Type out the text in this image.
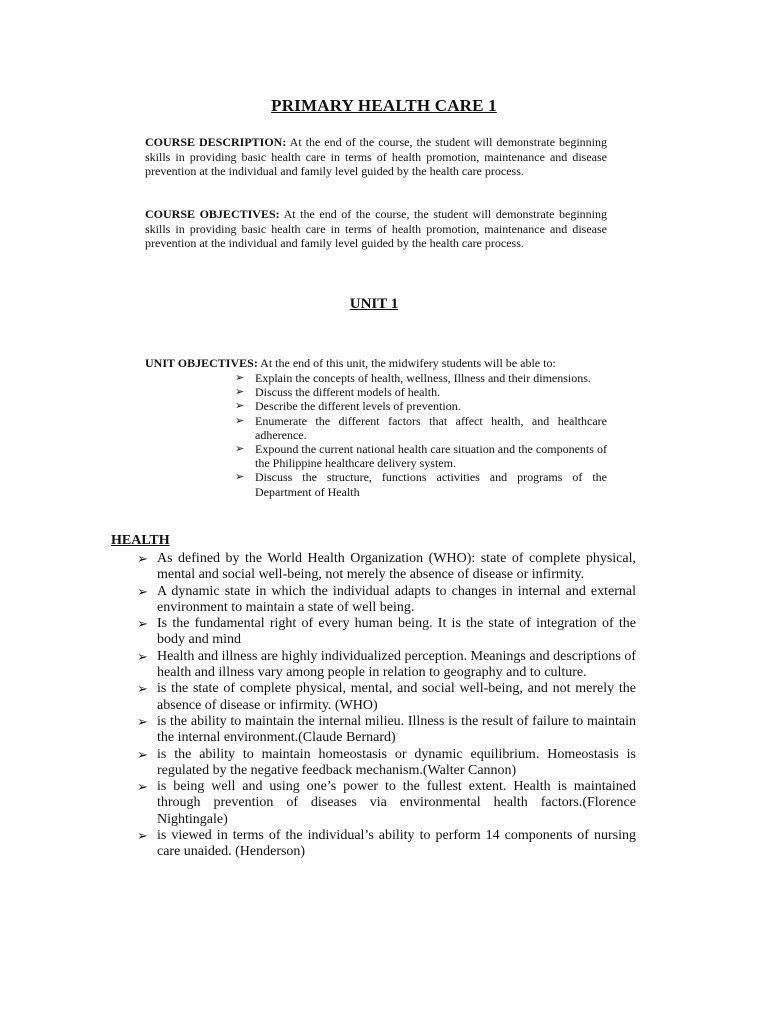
PRIMARY HEALTH CARE 1
COURSE DESCRIPTION: At the end of the course, the student will demonstrate beginning skills in providing basic health care in terms of health promotion, maintenance and disease prevention at the individual and family level guided by the health care process.
COURSE OBJECTIVES: At the end of the course, the student will demonstrate beginning skills in providing basic health care in terms of health promotion, maintenance and disease prevention at the individual and family level guided by the health care process.
UNIT 1
UNIT OBJECTIVES: At the end of this unit, the midwifery students will be able to:
➢ Explain the concepts of health, wellness, Illness and their dimensions.
➢ Discuss the different models of health.
➢ Describe the different levels of prevention.
➢ Enumerate the different factors that affect health, and healthcare adherence.
➢ Expound the current national health care situation and the components of the Philippine healthcare delivery system.
➢ Discuss the structure, functions activities and programs of the Department of Health
HEALTH
➢ As defined by the World Health Organization (WHO): state of complete physical, mental and social well-being, not merely the absence of disease or infirmity.
➢ A dynamic state in which the individual adapts to changes in internal and external environment to maintain a state of well being.
➢ Is the fundamental right of every human being. It is the state of integration of the body and mind
➢ Health and illness are highly individualized perception. Meanings and descriptions of health and illness vary among people in relation to geography and to culture.
➢ is the state of complete physical, mental, and social well-being, and not merely the absence of disease or infirmity. (WHO)
➢ is the ability to maintain the internal milieu. Illness is the result of failure to maintain the internal environment.(Claude Bernard)
➢ is the ability to maintain homeostasis or dynamic equilibrium. Homeostasis is regulated by the negative feedback mechanism.(Walter Cannon)
➢ is being well and using one’s power to the fullest extent. Health is maintained through prevention of diseases via environmental health factors.(Florence Nightingale)
➢ is viewed in terms of the individual’s ability to perform 14 components of nursing care unaided. (Henderson)
